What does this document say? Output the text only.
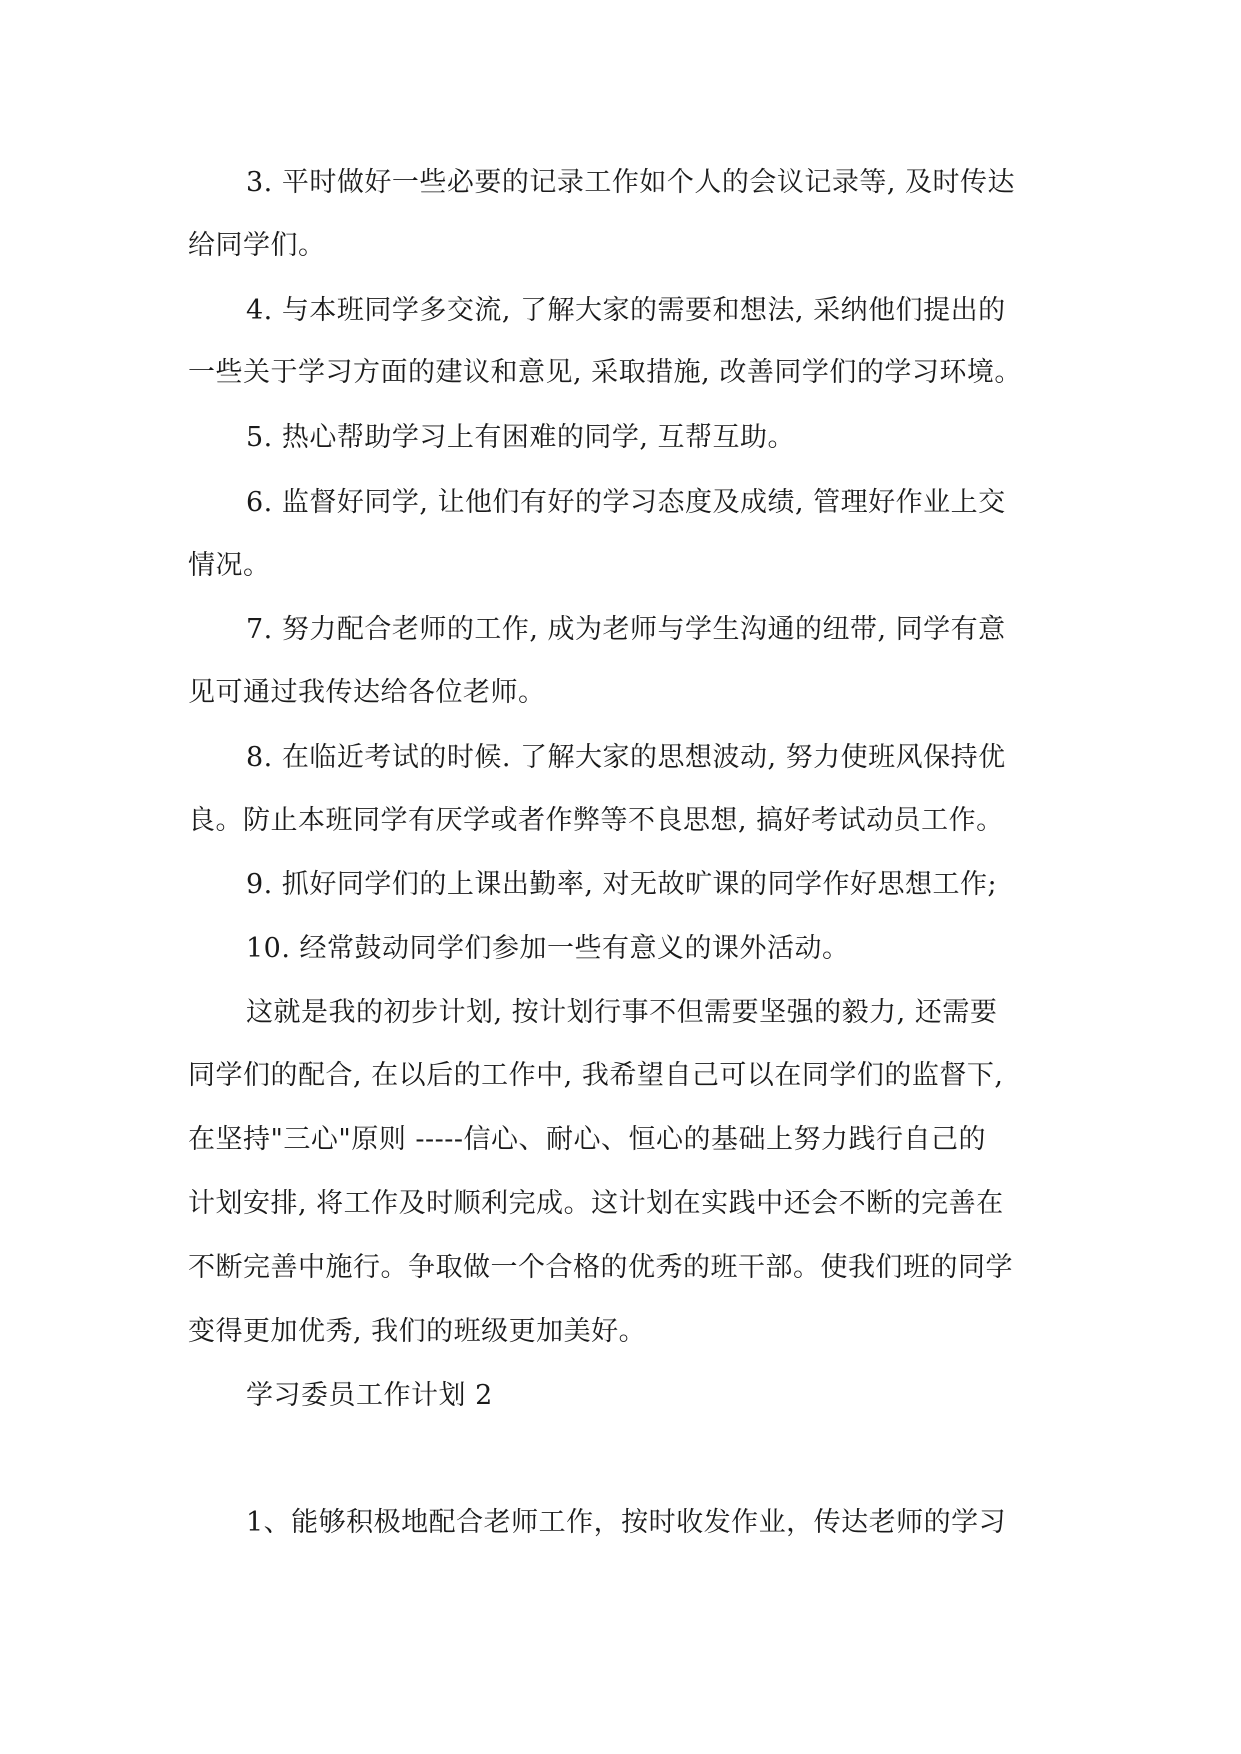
3. 平时做好一些必要的记录工作如个人的会议记录等, 及时传达
给同学们。
4. 与本班同学多交流, 了解大家的需要和想法, 采纳他们提出的
一些关于学习方面的建议和意见, 采取措施, 改善同学们的学习环境。
5. 热心帮助学习上有困难的同学, 互帮互助。
6. 监督好同学, 让他们有好的学习态度及成绩, 管理好作业上交
情况。
7. 努力配合老师的工作, 成为老师与学生沟通的纽带, 同学有意
见可通过我传达给各位老师。
8. 在临近考试的时候. 了解大家的思想波动, 努力使班风保持优
良。防止本班同学有厌学或者作弊等不良思想, 搞好考试动员工作。
9. 抓好同学们的上课出勤率, 对无故旷课的同学作好思想工作;
10. 经常鼓动同学们参加一些有意义的课外活动。
这就是我的初步计划, 按计划行事不但需要坚强的毅力, 还需要
同学们的配合, 在以后的工作中, 我希望自己可以在同学们的监督下,
在坚持"三心"原则 -----信心、耐心、恒心的基础上努力践行自己的
计划安排, 将工作及时顺利完成。这计划在实践中还会不断的完善在
不断完善中施行。争取做一个合格的优秀的班干部。使我们班的同学
变得更加优秀, 我们的班级更加美好。
学习委员工作计划 2
1、能够积极地配合老师工作，按时收发作业，传达老师的学习
